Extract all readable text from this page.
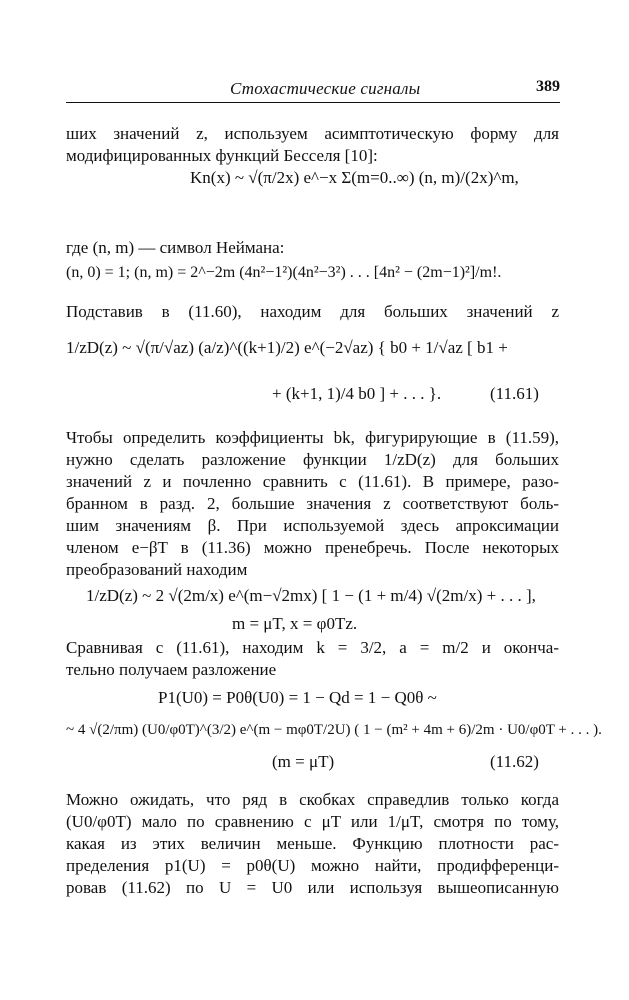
Стохастические сигналы	389
ших значений z, используем асимптотическую форму для
модифицированных функций Бесселя [10]:
Kn(x) ~ √(π/2x) e^−x Σ(m=0..∞) (n, m)/(2x)^m,
где (n, m) — символ Неймана:
(n, 0) = 1; (n, m) = 2^−2m (4n²−1²)(4n²−3²) . . . [4n² − (2m−1)²]/m!.
Подставив в (11.60), находим для больших значений z
1/zD(z) ~ √(π/√az) (a/z)^((k+1)/2) e^(−2√az) { b0 + 1/√az [ b1 +
+ (k+1, 1)/4 b0 ] + . . . }.	(11.61)
Чтобы определить коэффициенты bk, фигурирующие в (11.59),
нужно сделать разложение функции 1/zD(z) для больших
значений z и почленно сравнить с (11.61). В примере, разо-
бранном в разд. 2, большие значения z соответствуют боль-
шим значениям β. При используемой здесь апроксимации
членом e−βT в (11.36) можно пренебречь. После некоторых
преобразований находим
1/zD(z) ~ 2 √(2m/x) e^(m−√2mx) [ 1 − (1 + m/4) √(2m/x) + . . . ],
m = μT, x = φ0Tz.
Сравнивая с (11.61), находим k = 3/2, a = m/2 и оконча-
тельно получаем разложение
P1(U0) = P0θ(U0) = 1 − Qd = 1 − Q0θ ~
~ 4 √(2/πm) (U0/φ0T)^(3/2) e^(m − mφ0T/2U) ( 1 − (m² + 4m + 6)/2m · U0/φ0T + . . . ).
(m = μT)	(11.62)
Можно ожидать, что ряд в скобках справедлив только когда
(U0/φ0T) мало по сравнению с μT или 1/μT, смотря по тому,
какая из этих величин меньше. Функцию плотности рас-
пределения p1(U) = p0θ(U) можно найти, продифференци-
ровав (11.62) по U = U0 или используя вышеописанную
